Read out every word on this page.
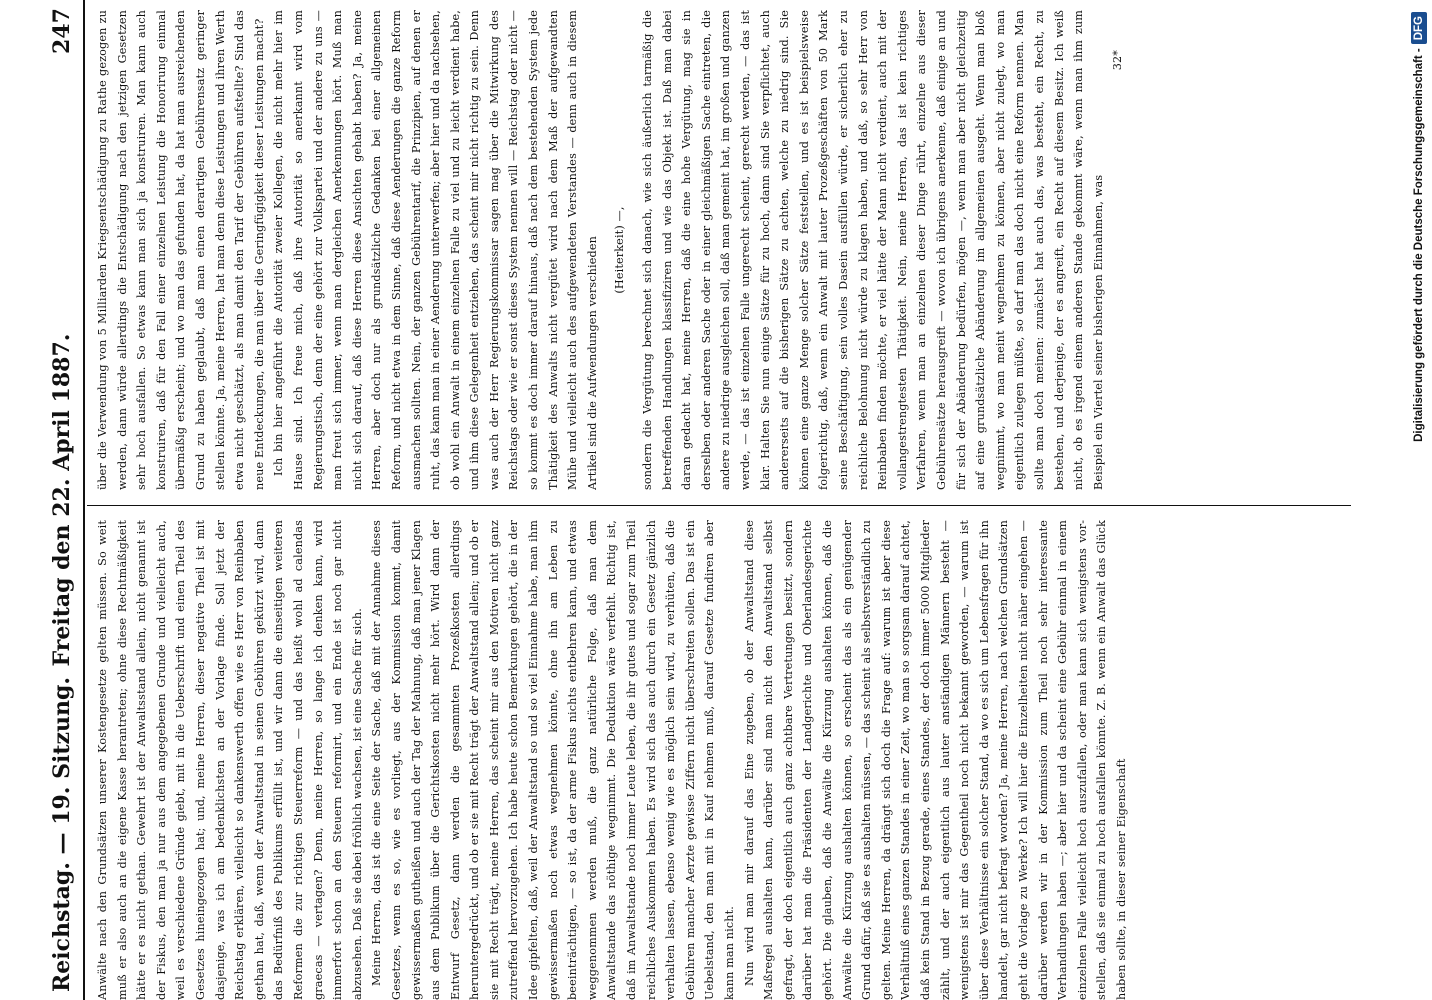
Reichstag. — 19. Sitzung.
Freitag den 22. April 1887.
247

Anwälte nach den Grundsätzen unserer Kostengesetze gelten müssen. So weit muß er also auch an die eigene Kasse herantreten; ohne diese Rechtmäßigkeit hätte er es nicht gethan. Gewehrt ist der Anwaltsstand allein, nicht genannt ist der Fiskus, den man ja nur aus dem angegebenen Grunde und vielleicht auch, weil es verschiedene Gründe giebt, mit in die Ueberschrift und einen Theil des Gesetzes hineingezogen hat; und, meine Herren, dieser negative Theil ist mit dasjenige, was ich am bedenklichsten an der Vorlage finde. Soll jetzt der Reichstag erklären, vielleicht so dankenswerth offen wie es Herr von Reinbaben gethan hat, daß, wenn der Anwaltstand in seinen Gebühren gekürzt wird, dann das Bedürfniß des Publikums erfüllt ist, und wir dann die einseitigen weiteren Reformen die zur richtigen Steuerreform — und das heißt wohl ad calendas graecas — vertagen? Denn, meine Herren, so lange ich denken kann, wird immerfort schon an den Steuern reformirt, und ein Ende ist noch gar nicht abzusehen. Daß sie dabei fröhlich wachsen, ist eine Sache für sich. Meine Herren, das ist die eine Seite der Sache, daß mit der Annahme dieses Gesetzes, wenn es so, wie es vorliegt, aus der Kommission kommt, damit gewissermaßen gutheißen und auch der Tag der Mahnung, daß man jener Klagen aus dem Publikum über die Gerichtskosten nicht mehr hört. Wird dann der Entwurf Gesetz, dann werden die gesammten Prozeßkosten allerdings heruntergedrückt, und ob er sie mit Recht trägt der Anwaltstand allein; und ob er sie mit Recht trägt, meine Herren, das scheint mir aus den Motiven nicht ganz zutreffend hervorzugehen. Ich habe heute schon Bemerkungen gehört, die in der Idee gipfelten, daß, weil der Anwaltstand so und so viel Einnahme habe, man ihm gewissermaßen noch etwas wegnehmen könnte, ohne ihn am Leben zu beeinträchtigen, — so ist, da der arme Fiskus nichts entbehren kann, und etwas weggenommen werden muß, die ganz natürliche Folge, daß man dem Anwaltstande das nöthige wegnimmt. Die Deduktion wäre verfehlt. Richtig ist, daß im Anwaltstande noch immer Leute leben, die ihr gutes und sogar zum Theil reichliches Auskommen haben. Es wird sich das auch durch ein Gesetz gänzlich verhalten lassen, ebenso wenig wie es möglich sein wird, zu verhüten, daß die Gebühren mancher Aerzte gewisse Ziffern nicht überschreiten sollen. Das ist ein Uebelstand, den man mit in Kauf nehmen muß, darauf Gesetze fundiren aber kann man nicht. Nun wird man mir darauf das Eine zugeben, ob der Anwaltstand diese Maßregel aushalten kann, darüber sind man nicht den Anwaltstand selbst gefragt, der doch eigentlich auch ganz achtbare Vertretungen besitzt, sondern darüber hat man die Präsidenten der Landgerichte und Oberlandesgerichte gehört. Die glauben, daß die Anwälte die Kürzung aushalten können, daß die Anwälte die Kürzung aushalten können, so erscheint das als ein genügender Grund dafür, daß sie es aushalten müssen, — das scheint als selbstverständlich zu gelten. Meine Herren, da drängt sich doch die Frage auf: warum ist aber diese Verhältniß eines ganzen Standes in einer Zeit, wo man so sorgsam darauf achtet, daß kein Stand in Bezug gerade, eines Standes, der doch immer 5000 Mitglieder zählt, und der auch eigentlich aus lauter anständigen Männern besteht — wenigstens ist mir das Gegentheil noch nicht bekannt geworden, — warum ist über diese Verhältnisse ein solcher Stand, da wo es sich um Lebensfragen für ihn handelt, gar nicht befragt worden? Ja, meine Herren, nach welchen Grundsätzen geht die Vorlage zu Werke? Ich will hier die Einzelheiten nicht näher eingehen — darüber werden wir in der Kommission zum Theil noch sehr interessante Verhandlungen haben —; aber hier und da scheint eine Gebühr einmal in einem einzelnen Falle vielleicht hoch auszufallen, oder man kann sich wenigstens vorstellen, daß sie einmal zu hoch ausfallen könnte. Z. B. wenn ein Anwalt das Glück haben sollte, in dieser seiner Eigenschaft

über die Verwendung von 5 Milliarden Kriegsentschädigung zu Rathe gezogen zu werden, dann würde allerdings die Entschädigung nach den jetzigen Gesetzen sehr hoch ausfallen. So etwas kann man sich ja konstruiren. Man kann auch konstruiren, daß für den Fall einer einzelnen Leistung die Honorirung einmal übermäßig erscheint; und wo man das gefunden hat, da hat man ausreichenden Grund zu haben geglaubt, daß man einen derartigen Gebührensatz geringer stellen könnte. Ja, meine Herren, hat man denn diese Leistungen und ihren Werth etwa nicht geschätzt, als man damit den Tarif der Gebühren aufstellte? Sind das neue Entdeckungen, die man über die Geringfügigkeit dieser Leistungen macht? Ich bin hier angeführt die Autorität zweier Kollegen, die nicht mehr hier im Hause sind. Ich freue mich, daß ihre Autorität so anerkannt wird vom Regierungstisch, denn der eine gehört zur Volkspartei und der andere zu uns — man freut sich immer, wenn man dergleichen Anerkennungen hört. Muß man nicht sich darauf, daß diese Herren diese Ansichten gehabt haben? Ja, meine Herren, aber doch nur als grundsätzliche Gedanken bei einer allgemeinen Reform, und nicht etwa in dem Sinne, daß diese Aenderungen die ganze Reform ausmachen sollten. Nein, der ganzen Gebührentarif, die Prinzipien, auf denen er ruht, das kann man in einer Aenderung unterwerfen; aber hier und da nachsehen, ob wohl ein Anwalt in einem einzelnen Falle zu viel und zu leicht verdient habe, und ihm diese Gelegenheit entziehen, das scheint mir nicht richtig zu sein. Denn was auch der Herr Regierungskommissar sagen mag über die Mitwirkung des Reichstags oder wie er sonst dieses System nennen will — Reichstag oder nicht — so kommt es doch immer darauf hinaus, daß nach dem bestehenden System jede Thätigkeit des Anwalts nicht vergütet wird nach dem Maß der aufgewandten Mühe und vielleicht auch des aufgewendeten Verstandes — denn auch in diesem Artikel sind die Aufwendungen verschieden	(Heiterkeit) —,	sondern die Vergütung berechnet sich danach, wie sich äußerlich tarmäßig die betreffenden Handlungen klassifiziren und wie das Objekt ist. Daß man dabei daran gedacht hat, meine Herren, daß die eine hohe Vergütung, mag sie in derselben oder anderen Sache oder in einer gleichmäßigen Sache eintreten, die andere zu niedrige ausgleichen soll, daß man gemeint hat, im großen und ganzen werde, — das ist einzelnen Falle ungerecht scheint, gerecht werden, — das ist klar. Halten Sie nun einige Sätze für zu hoch, dann sind Sie verpflichtet, auch andererseits auf die bisherigen Sätze zu achten, welche zu niedrig sind. Sie können eine ganze Menge solcher Sätze feststellen, und es ist beispielsweise folgerichtig, daß, wenn ein Anwalt mit lauter Prozeßgeschäften von 50 Mark seine Beschäftigung, sein volles Dasein ausfüllen würde, er sicherlich eher zu reichliche Belohnung nicht würde zu klagen haben, und daß, so sehr Herr von Reinbaben finden möchte, er viel hätte der Mann nicht verdient, auch mit der vollangestrengtesten Thätigkeit. Nein, meine Herren, das ist kein richtiges Verfahren, wenn man an einzelnen dieser Dinge rührt, einzelne aus dieser Gebührensätze herausgreift — wovon ich übrigens anerkenne, daß einige an und für sich der Abänderung bedürfen, mögen —, wenn man aber nicht gleichzeitig auf eine grundsätzliche Abänderung im allgemeinen ausgeht. Wenn man bloß wegnimmt, wo man meint wegnehmen zu können, aber nicht zulegt, wo man eigentlich zulegen müßte, so darf man das doch nicht eine Reform nennen. Man sollte man doch meinen: zunächst hat auch das, was besteht, ein Recht, zu bestehen, und derjenige, der es angreift, ein Recht auf diesem Besitz. Ich weiß nicht, ob es irgend einem anderen Stande gekommt wäre, wenn man ihm zum Beispiel ein Viertel seiner bisherigen Einnahmen, was

32*	Digitalisierung gefördert durch die Deutsche Forschungsgemeinschaft -DFG
